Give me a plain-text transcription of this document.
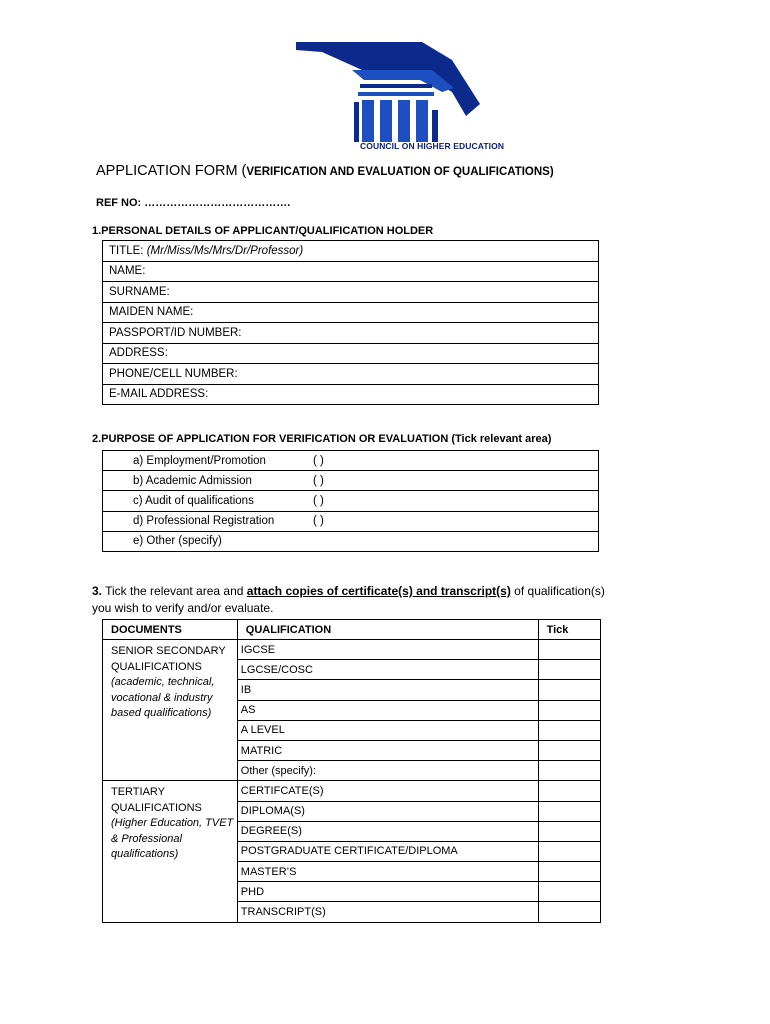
COUNCIL ON HIGHER EDUCATION
APPLICATION FORM (VERIFICATION AND EVALUATION OF QUALIFICATIONS)
REF NO: ………………………………….
1.PERSONAL DETAILS OF APPLICANT/QUALIFICATION HOLDER
TITLE: (Mr/Miss/Ms/Mrs/Dr/Professor)
NAME:
SURNAME:
MAIDEN NAME:
PASSPORT/ID NUMBER:
ADDRESS:
PHONE/CELL NUMBER:
E-MAIL ADDRESS:
2.PURPOSE OF APPLICATION FOR VERIFICATION OR EVALUATION (Tick relevant area)
a) Employment/Promotion	( )
b) Academic Admission	( )
c) Audit of qualifications	( )
d) Professional Registration	( )
e) Other (specify)	
3. Tick the relevant area and attach copies of certificate(s) and transcript(s) of qualification(s) you wish to verify and/or evaluate.
DOCUMENTS	QUALIFICATION	Tick
SENIOR SECONDARY QUALIFICATIONS
(academic, technical, vocational & industry based qualifications)	IGCSE	
	LGCSE/COSC	
	IB	
	AS	
	A LEVEL	
	MATRIC	
	Other (specify):	
TERTIARY QUALIFICATIONS
(Higher Education, TVET & Professional qualifications)	CERTIFCATE(S)	
	DIPLOMA(S)	
	DEGREE(S)	
	POSTGRADUATE CERTIFICATE/DIPLOMA	
	MASTER’S	
	PHD	
	TRANSCRIPT(S)	
